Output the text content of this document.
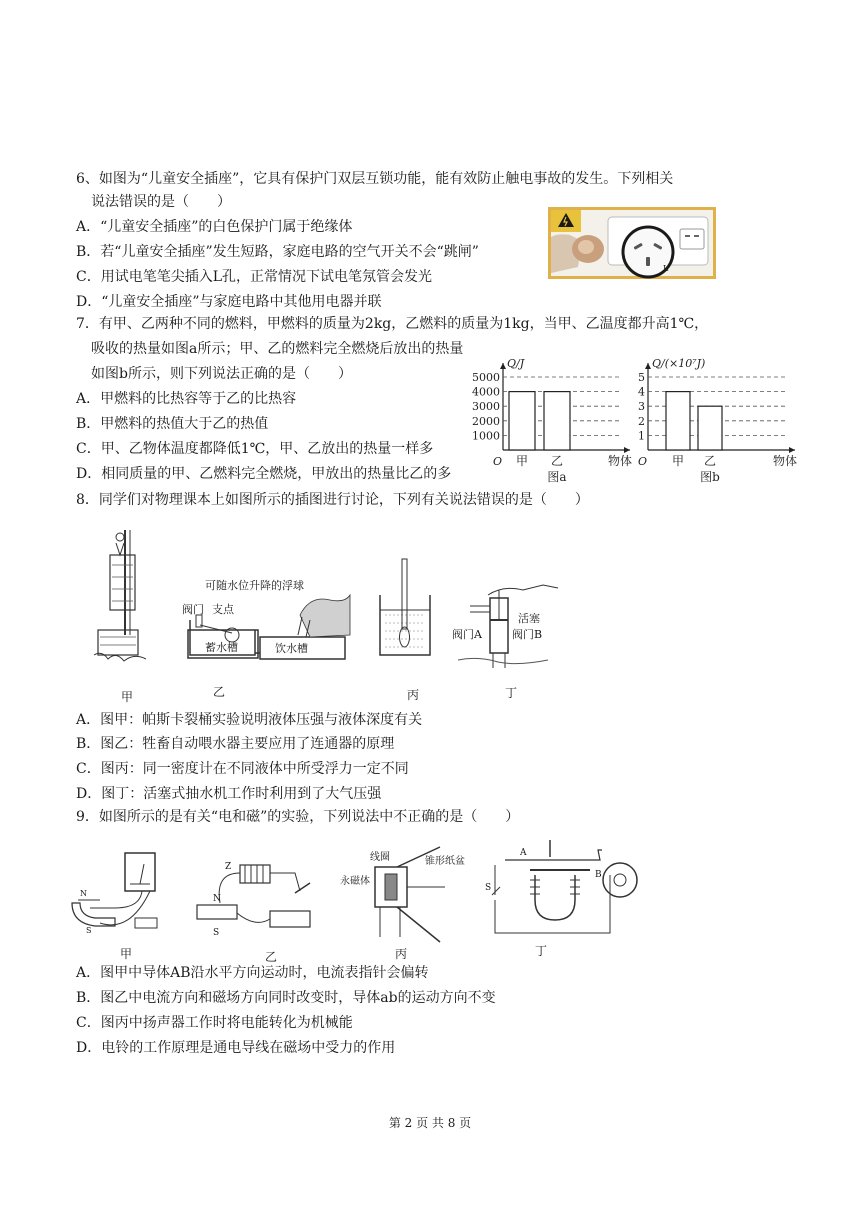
6、如图为“儿童安全插座”，它具有保护门双层互锁功能，能有效防止触电事故的发生。下列相关
说法错误的是（　　）
A．“儿童安全插座”的白色保护门属于绝缘体
B．若“儿童安全插座”发生短路，家庭电路的空气开关不会“跳闸”
C．用试电笔笔尖插入L孔，正常情况下试电笔氖管会发光
D．“儿童安全插座”与家庭电路中其他用电器并联
L
7．有甲、乙两种不同的燃料，甲燃料的质量为2kg，乙燃料的质量为1kg，当甲、乙温度都升高1℃，
吸收的热量如图a所示；甲、乙的燃料完全燃烧后放出的热量
如图b所示，则下列说法正确的是（　　）
A．甲燃料的比热容等于乙的比热容
B．甲燃料的热值大于乙的热值
C．甲、乙物体温度都降低1℃，甲、乙放出的热量一样多
D．相同质量的甲、乙燃料完全燃烧，甲放出的热量比乙的多
1000
2000
3000
4000
5000
Q/J
O 甲 乙	物体
图a
1
2
3
4
5
Q/(×10⁷J)
O 甲 乙	物体
图b
8．同学们对物理课本上如图所示的插图进行讨论，下列有关说法错误的是（　　）
甲
可随水位升降的浮球
阀门 支点
蓄水槽	饮水槽
乙	丙
活塞
阀门A	阀门B
丁
A．图甲：帕斯卡裂桶实验说明液体压强与液体深度有关
B．图乙：牲畜自动喂水器主要应用了连通器的原理
C．图丙：同一密度计在不同液体中所受浮力一定不同
D．图丁：活塞式抽水机工作时利用到了大气压强
9．如图所示的是有关“电和磁”的实验，下列说法中不正确的是（　　）
N
S
甲
Z
N
S
乙
线圈	锥形纸盆
永磁体
丙
A
B
S
丁
A．图甲中导体AB沿水平方向运动时，电流表指针会偏转
B．图乙中电流方向和磁场方向同时改变时，导体ab的运动方向不变
C．图丙中扬声器工作时将电能转化为机械能
D．电铃的工作原理是通电导线在磁场中受力的作用
第 2 页 共 8 页
